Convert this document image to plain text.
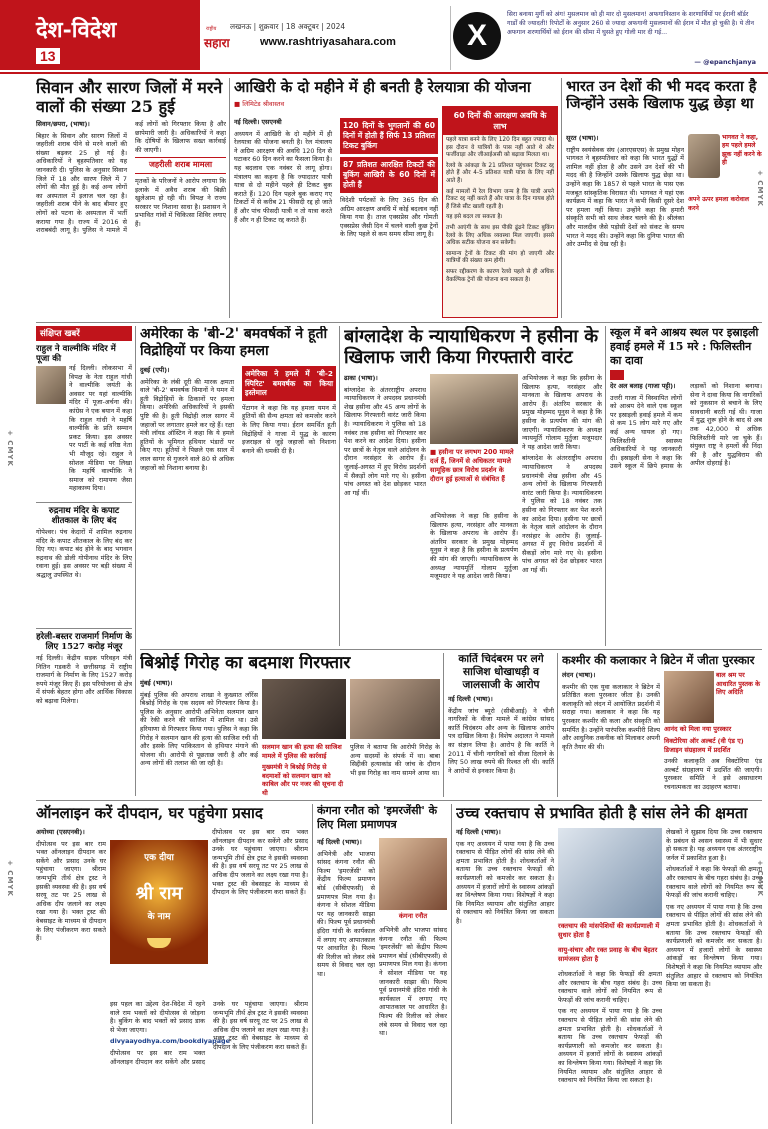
देश-विदेश
13
लखनऊ | शुक्रवार | 18 अक्टूबर | 2024
राष्ट्रीय
सहारा	www.rashtriyasahara.com	X
सिरा बनाया मुर्गी को अंग! मुसलमान को ही मार दो मुसलमान! अफगानिस्तान के शरणार्थियों पर ईरानी बॉर्डर गार्डों की ज्यादती! रिपोर्टों के अनुसार 260 से ज्यादा अफगानी मुसलमानों की ईरान में मौत हो चुकी है। ये तीन अफगान शरणार्थियों को ईरान की सीमा में घुसते हुए गोली मार दी गई...
— @epanchjanya
सिवान और सारण जिलों में मरने वालों की संख्या 25 हुई

सिवान/छपरा, (भाषा)।

बिहार के सिवान और सारण जिलों में जहरीली शराब पीने से मरने वालों की संख्या बढ़कर 25 हो गई है। अधिकारियों ने बृहस्पतिवार को यह जानकारी दी। पुलिस के अनुसार सिवान जिले में 18 और सारण जिले में 7 लोगों की मौत हुई है। कई अन्य लोगों का अस्पताल में इलाज चल रहा है। जहरीली शराब पीने के बाद बीमार हुए लोगों को पटना के अस्पताल में भर्ती कराया गया है। राज्य में 2016 से शराबबंदी लागू है। पुलिस ने मामले में कई लोगों को गिरफ्तार किया है और छापेमारी जारी है। अधिकारियों ने कहा कि दोषियों के खिलाफ सख्त कार्रवाई की जाएगी।

जहरीली शराब मामला

मृतकों के परिजनों ने आरोप लगाया कि इलाके में अवैध शराब की बिक्री खुलेआम हो रही थी। विपक्ष ने राज्य सरकार पर निशाना साधा है। प्रशासन ने प्रभावित गांवों में चिकित्सा शिविर लगाए हैं।

आखिरी के दो महीने में ही बनती है रेलयात्रा की योजना
■ लिमिटेड श्रीवास्तव

नई दिल्ली। एसएनबी

अध्ययन में आखिरी के दो महीने में ही रेलयात्रा की योजना बनती है। रेल मंत्रालय ने अग्रिम आरक्षण की अवधि 120 दिन से घटाकर 60 दिन करने का फैसला किया है। यह बदलाव एक नवंबर से लागू होगा। मंत्रालय का कहना है कि ज्यादातर यात्री यात्रा से दो महीने पहले ही टिकट बुक कराते हैं। 120 दिन पहले बुक कराए गए टिकटों में से करीब 21 फीसदी रद्द हो जाते हैं और पांच फीसदी यात्री न तो यात्रा करते हैं और न ही टिकट रद्द कराते हैं।

120 दिनों के भुगतानों की 60 दिनों में होती हैं सिर्फ 13 प्रतिशत टिकट बुकिंग
87 प्रतिशत आरक्षित टिकटों की बुकिंग आखिरी के 60 दिनों में होती हैं

विदेशी पर्यटकों के लिए 365 दिन की अग्रिम आरक्षण अवधि में कोई बदलाव नहीं किया गया है। ताज एक्सप्रेस और गोमती एक्सप्रेस जैसी दिन में चलने वाली कुछ ट्रेनों के लिए पहले से कम समय सीमा लागू है।

60 दिनों की आरक्षण अवधि के लाभ

पहले यात्रा बनने के लिए 120 दिन बहुत ज्यादा थे। इस दौरान वे यात्रियों के पास नहीं आते थे और फर्जीवाड़ा और जीआईअसी को बढ़ावा मिलता था।

रेलवे के आंकड़ा के 21 प्रतिशत पहुंचकर टिकट रद्द होते हैं और 4-5 प्रतिशत यात्री यात्रा के लिए नहीं आते हैं।

कई मामलों में रेल विभाग जन्म है कि यात्री अपने टिकट रद्द नहीं करते हैं और यात्रा के दिन गायब होते हैं जिसे सीट खाली रहती है।

यह इसे बदल ला सकता है।

तभी आएंगी के साथ इस पीकी ढूंढने टिकट बुकिंग रेलवे के लिए अधिक व्यवस्था मिल जाएगी। इससे अधिक सटीक योजना बन सकेगी।

सामान्य ट्रेनों के टिकट की मांग हो जाएगी और यात्रियों की संख्या कम होगी।

सफर रद्दीकरण के कारण रेलवे पहले से ही अधिक वैकल्पिक ट्रेनों की योजना बना सकता है।

भारत उन देशों की भी मदद करता है जिन्होंने उसके खिलाफ युद्ध छेड़ा था

सूरत (भाषा)।

राष्ट्रीय स्वयंसेवक संघ (आरएसएस) के प्रमुख मोहन भागवत ने बृहस्पतिवार को कहा कि भारत युद्धों में शामिल नहीं होता है और उसने उन देशों की भी मदद की है जिन्होंने उसके खिलाफ युद्ध छेड़ा था। उन्होंने कहा कि 1857 से पहले भारत के पास एक मजबूत सांस्कृतिक विरासत थी। भागवत ने यहां एक कार्यक्रम में कहा कि भारत ने कभी किसी दूसरे देश पर हमला नहीं किया। उन्होंने कहा कि हमारी संस्कृति सभी को साथ लेकर चलने की है। श्रीलंका और मालदीव जैसे पड़ोसी देशों को संकट के समय भारत ने मदद की। उन्होंने कहा कि दुनिया भारत की ओर उम्मीद से देख रही है।

भागवत ने कहा, हम पहले हमले झूक नहीं करने के ही
अपने ऊपर हमला करोवाल करने
संक्षिप्त खबरें
राहुल ने वाल्मीकि मंदिर में पूजा की
नई दिल्ली। लोकसभा में विपक्ष के नेता राहुल गांधी ने वाल्मीकि जयंती के अवसर पर यहां वाल्मीकि मंदिर में पूजा-अर्चना की। कांग्रेस ने एक बयान में कहा कि राहुल गांधी ने महर्षि वाल्मीकि के प्रति सम्मान प्रकट किया। इस अवसर पर पार्टी के कई वरिष्ठ नेता भी मौजूद रहे। राहुल ने सोशल मीडिया पर लिखा कि महर्षि वाल्मीकि ने समाज को रामायण जैसा महाकाव्य दिया।
रुद्रनाथ मंदिर के कपाट शीतकाल के लिए बंद
गोपेश्वर। पंच केदारों में शामिल रुद्रनाथ मंदिर के कपाट शीतकाल के लिए बंद कर दिए गए। कपाट बंद होने के बाद भगवान रुद्रनाथ की डोली गोपीनाथ मंदिर के लिए रवाना हुई। इस अवसर पर बड़ी संख्या में श्रद्धालु उपस्थित थे।
हरेली-बस्तर राजमार्ग निर्माण के लिए 1527 करोड़ मंजूर
नई दिल्ली। केंद्रीय सड़क परिवहन मंत्री नितिन गडकरी ने छत्तीसगढ़ में राष्ट्रीय राजमार्ग के निर्माण के लिए 1527 करोड़ रुपये मंजूर किए हैं। इस परियोजना से क्षेत्र में संपर्क बेहतर होगा और आर्थिक विकास को बढ़ावा मिलेगा।
अमेरिका के 'बी-2' बमवर्षकों ने हूती विद्रोहियों पर किया हमला

दुबई (एपी)।

अमेरिका के लंबी दूरी की मारक क्षमता वाले 'बी-2' बमवर्षक विमानों ने यमन में हूती विद्रोहियों के ठिकानों पर हमला किया। अमेरिकी अधिकारियों ने इसकी पुष्टि की है। हूती विद्रोही लाल सागर में जहाजों पर लगातार हमले कर रहे हैं। रक्षा मंत्री लॉयड ऑस्टिन ने कहा कि ये हमले हूतियों के भूमिगत हथियार भंडारों पर किए गए। हूतियों ने पिछले एक साल में लाल सागर से गुजरने वाले 80 से अधिक जहाजों को निशाना बनाया है।

अमेरिका ने हमले में 'बी-2 स्पिरिट' बमवर्षक का किया इस्तेमाल

पेंटागन ने कहा कि यह हमला यमन में हूतियों की सैन्य क्षमता को कमजोर करने के लिए किया गया। ईरान समर्थित हूती विद्रोहियों ने गाजा में युद्ध के कारण इजराइल से जुड़े जहाजों को निशाना बनाने की धमकी दी है।

बांग्लादेश के न्यायाधिकरण ने हसीना के खिलाफ जारी किया गिरफ्तारी वारंट

ढाका (भाषा)।

बांग्लादेश के अंतरराष्ट्रीय अपराध न्यायाधिकरण ने अपदस्थ प्रधानमंत्री शेख हसीना और 45 अन्य लोगों के खिलाफ गिरफ्तारी वारंट जारी किया है। न्यायाधिकरण ने पुलिस को 18 नवंबर तक हसीना को गिरफ्तार कर पेश करने का आदेश दिया। हसीना पर छात्रों के नेतृत्व वाले आंदोलन के दौरान नरसंहार के आरोप हैं। जुलाई-अगस्त में हुए विरोध प्रदर्शनों में सैकड़ों लोग मारे गए थे। हसीना पांच अगस्त को देश छोड़कर भारत आ गई थीं।

■ हसीना पर लगभग 200 मामले दर्ज हैं, जिनमें से अधिकतर मामले सामूहिक छात्र विरोध प्रदर्शन के दौरान हुई हत्याओं से संबंधित हैं

अभियोजक ने कहा कि हसीना के खिलाफ हत्या, नरसंहार और मानवता के खिलाफ अपराध के आरोप हैं। अंतरिम सरकार के प्रमुख मोहम्मद यूनुस ने कहा है कि हसीना के प्रत्यर्पण की मांग की जाएगी। न्यायाधिकरण के अध्यक्ष न्यायमूर्ति गोलाम मुर्तुजा मजूमदार ने यह आदेश जारी किया।

अभियोजक ने कहा कि हसीना के खिलाफ हत्या, नरसंहार और मानवता के खिलाफ अपराध के आरोप हैं। अंतरिम सरकार के प्रमुख मोहम्मद यूनुस ने कहा है कि हसीना के प्रत्यर्पण की मांग की जाएगी। न्यायाधिकरण के अध्यक्ष न्यायमूर्ति गोलाम मुर्तुजा मजूमदार ने यह आदेश जारी किया।

बांग्लादेश के अंतरराष्ट्रीय अपराध न्यायाधिकरण ने अपदस्थ प्रधानमंत्री शेख हसीना और 45 अन्य लोगों के खिलाफ गिरफ्तारी वारंट जारी किया है। न्यायाधिकरण ने पुलिस को 18 नवंबर तक हसीना को गिरफ्तार कर पेश करने का आदेश दिया। हसीना पर छात्रों के नेतृत्व वाले आंदोलन के दौरान नरसंहार के आरोप हैं। जुलाई-अगस्त में हुए विरोध प्रदर्शनों में सैकड़ों लोग मारे गए थे। हसीना पांच अगस्त को देश छोड़कर भारत आ गई थीं।

स्कूल में बने आश्रय स्थल पर इस्राइली हवाई हमले में 15 मरे : फिलिस्तीन का दावा

देर अल बलाह (गाजा पट्टी)।

उत्तरी गाजा में विस्थापित लोगों को आश्रय देने वाले एक स्कूल पर इस्राइली हवाई हमले में कम से कम 15 लोग मारे गए और कई अन्य घायल हो गए। फिलिस्तीनी स्वास्थ्य अधिकारियों ने यह जानकारी दी। इस्राइली सेना ने कहा कि उसने स्कूल में छिपे हमास के लड़ाकों को निशाना बनाया। सेना ने दावा किया कि नागरिकों को नुकसान से बचाने के लिए सावधानी बरती गई थी। गाजा में युद्ध शुरू होने के बाद से अब तक 42,000 से अधिक फिलिस्तीनी मारे जा चुके हैं। संयुक्त राष्ट्र ने हमलों की निंदा की है और युद्धविराम की अपील दोहराई है।

बिश्नोई गिरोह का बदमाश गिरफ्तार

मुंबई (भाषा)।

मुंबई पुलिस की अपराध शाखा ने कुख्यात लॉरेंस बिश्नोई गिरोह के एक सदस्य को गिरफ्तार किया है। पुलिस के अनुसार आरोपी अभिनेता सलमान खान की रेकी करने की साजिश में शामिल था। उसे हरियाणा से गिरफ्तार किया गया। पुलिस ने कहा कि गिरोह ने सलमान खान की हत्या की साजिश रची थी और इसके लिए पाकिस्तान से हथियार मंगाने की योजना थी। आरोपी से पूछताछ जारी है और कई अन्य लोगों की तलाश की जा रही है।

सलमान खान की हत्या की साजिश मामले में पुलिस की कार्रवाई
मुख्यमंत्री ने बिश्नोई गिरोह से बदमाशों को सलमान खान को काबिल और पर नजर की सूचना दी थी

पुलिस ने बताया कि आरोपी गिरोह के अन्य सदस्यों के संपर्क में था। बाबा सिद्दीकी हत्याकांड की जांच के दौरान भी इस गिरोह का नाम सामने आया था।

कार्ति चिदंबरम पर लगे साजिश धोखाधड़ी व जालसाजी के आरोप

नई दिल्ली (भाषा)।

केंद्रीय जांच ब्यूरो (सीबीआई) ने चीनी नागरिकों के वीजा मामले में कांग्रेस सांसद कार्ति चिदंबरम और अन्य के खिलाफ आरोप पत्र दाखिल किया है। विशेष अदालत ने मामले का संज्ञान लिया है। आरोप है कि कार्ति ने 2011 में चीनी नागरिकों को वीजा दिलाने के लिए 50 लाख रुपये की रिश्वत ली थी। कार्ति ने आरोपों से इनकार किया है।

कश्मीर की कलाकार ने ब्रिटेन में जीता पुरस्कार

लंदन (भाषा)।

कश्मीर की एक युवा कलाकार ने ब्रिटेन में प्रतिष्ठित कला पुरस्कार जीता है। उनकी कलाकृति को लंदन में आयोजित प्रदर्शनी में सराहा गया। कलाकार ने कहा कि यह पुरस्कार कश्मीर की कला और संस्कृति को समर्पित है। उन्होंने पारंपरिक कश्मीरी शिल्प और आधुनिक तकनीक को मिलाकर अपनी कृति तैयार की थी।

बाल श्रम पर आधारित पुस्तक के लिए अदिति
आनंद को मिला नया पुरस्कार
विक्टोरिया ऑर अल्बर्ट (वी एंड ए) डिजाइन संग्रहालय में प्रदर्शित

उनकी कलाकृति अब विक्टोरिया एंड अल्बर्ट संग्रहालय में प्रदर्शित की जाएगी। पुरस्कार समिति ने इसे असाधारण रचनात्मकता का उदाहरण बताया।

ऑनलाइन करें दीपदान, घर पहुंचेगा प्रसाद

अयोध्या (एसएनबी)।

दीपोत्सव पर इस बार राम भक्त ऑनलाइन दीपदान कर सकेंगे और प्रसाद उनके घर पहुंचाया जाएगा। श्रीराम जन्मभूमि तीर्थ क्षेत्र ट्रस्ट ने इसकी व्यवस्था की है। इस वर्ष सरयू तट पर 25 लाख से अधिक दीप जलाने का लक्ष्य रखा गया है। भक्त ट्रस्ट की वेबसाइट के माध्यम से दीपदान के लिए पंजीकरण करा सकते हैं।

एक दीया
श्री राम
के नाम

दीपोत्सव पर इस बार राम भक्त ऑनलाइन दीपदान कर सकेंगे और प्रसाद उनके घर पहुंचाया जाएगा। श्रीराम जन्मभूमि तीर्थ क्षेत्र ट्रस्ट ने इसकी व्यवस्था की है। इस वर्ष सरयू तट पर 25 लाख से अधिक दीप जलाने का लक्ष्य रखा गया है। भक्त ट्रस्ट की वेबसाइट के माध्यम से दीपदान के लिए पंजीकरण करा सकते हैं।

इस पहल का उद्देश्य देश-विदेश में रहने वाले राम भक्तों को दीपोत्सव से जोड़ना है। बुकिंग के बाद भक्तों को प्रसाद डाक से भेजा जाएगा।

divyaayodhya.com/bookdiyapage

दीपोत्सव पर इस बार राम भक्त ऑनलाइन दीपदान कर सकेंगे और प्रसाद उनके घर पहुंचाया जाएगा। श्रीराम जन्मभूमि तीर्थ क्षेत्र ट्रस्ट ने इसकी व्यवस्था की है। इस वर्ष सरयू तट पर 25 लाख से अधिक दीप जलाने का लक्ष्य रखा गया है। भक्त ट्रस्ट की वेबसाइट के माध्यम से दीपदान के लिए पंजीकरण करा सकते हैं।

कंगना रनौत को 'इमरजेंसी' के लिए मिला प्रमाणपत्र
कंगना रनौत

नई दिल्ली (भाषा)।

अभिनेत्री और भाजपा सांसद कंगना रनौत की फिल्म 'इमरजेंसी' को केंद्रीय फिल्म प्रमाणन बोर्ड (सीबीएफसी) से प्रमाणपत्र मिल गया है। कंगना ने सोशल मीडिया पर यह जानकारी साझा की। फिल्म पूर्व प्रधानमंत्री इंदिरा गांधी के कार्यकाल में लगाए गए आपातकाल पर आधारित है। फिल्म की रिलीज को लेकर लंबे समय से विवाद चल रहा था।

अभिनेत्री और भाजपा सांसद कंगना रनौत की फिल्म 'इमरजेंसी' को केंद्रीय फिल्म प्रमाणन बोर्ड (सीबीएफसी) से प्रमाणपत्र मिल गया है। कंगना ने सोशल मीडिया पर यह जानकारी साझा की। फिल्म पूर्व प्रधानमंत्री इंदिरा गांधी के कार्यकाल में लगाए गए आपातकाल पर आधारित है। फिल्म की रिलीज को लेकर लंबे समय से विवाद चल रहा था।

उच्च रक्तचाप से प्रभावित होती है सांस लेने की क्षमता

नई दिल्ली (भाषा)।

एक नए अध्ययन में पाया गया है कि उच्च रक्तचाप से पीड़ित लोगों की सांस लेने की क्षमता प्रभावित होती है। शोधकर्ताओं ने बताया कि उच्च रक्तचाप फेफड़ों की कार्यप्रणाली को कमजोर कर सकता है। अध्ययन में हजारों लोगों के स्वास्थ्य आंकड़ों का विश्लेषण किया गया। विशेषज्ञों ने कहा कि नियमित व्यायाम और संतुलित आहार से रक्तचाप को नियंत्रित किया जा सकता है।

रक्तचाप की मांसपेशियों की कार्यप्रणाली में सुधार होता है
वायु-संचार और रक्त प्रवाह के बीच बेहतर सामंजस्य होता है

शोधकर्ताओं ने कहा कि फेफड़ों की क्षमता और रक्तचाप के बीच गहरा संबंध है। उच्च रक्तचाप वाले लोगों को नियमित रूप से फेफड़ों की जांच करानी चाहिए।

एक नए अध्ययन में पाया गया है कि उच्च रक्तचाप से पीड़ित लोगों की सांस लेने की क्षमता प्रभावित होती है। शोधकर्ताओं ने बताया कि उच्च रक्तचाप फेफड़ों की कार्यप्रणाली को कमजोर कर सकता है। अध्ययन में हजारों लोगों के स्वास्थ्य आंकड़ों का विश्लेषण किया गया। विशेषज्ञों ने कहा कि नियमित व्यायाम और संतुलित आहार से रक्तचाप को नियंत्रित किया जा सकता है।

लेखकों ने सुझाव दिया कि उच्च रक्तचाप के प्रबंधन से श्वसन स्वास्थ्य में भी सुधार हो सकता है। यह अध्ययन एक अंतरराष्ट्रीय जर्नल में प्रकाशित हुआ है।

शोधकर्ताओं ने कहा कि फेफड़ों की क्षमता और रक्तचाप के बीच गहरा संबंध है। उच्च रक्तचाप वाले लोगों को नियमित रूप से फेफड़ों की जांच करानी चाहिए।

एक नए अध्ययन में पाया गया है कि उच्च रक्तचाप से पीड़ित लोगों की सांस लेने की क्षमता प्रभावित होती है। शोधकर्ताओं ने बताया कि उच्च रक्तचाप फेफड़ों की कार्यप्रणाली को कमजोर कर सकता है। अध्ययन में हजारों लोगों के स्वास्थ्य आंकड़ों का विश्लेषण किया गया। विशेषज्ञों ने कहा कि नियमित व्यायाम और संतुलित आहार से रक्तचाप को नियंत्रित किया जा सकता है।

+ CMYK
+ CMYK
+ CMYK
+ CMYK
